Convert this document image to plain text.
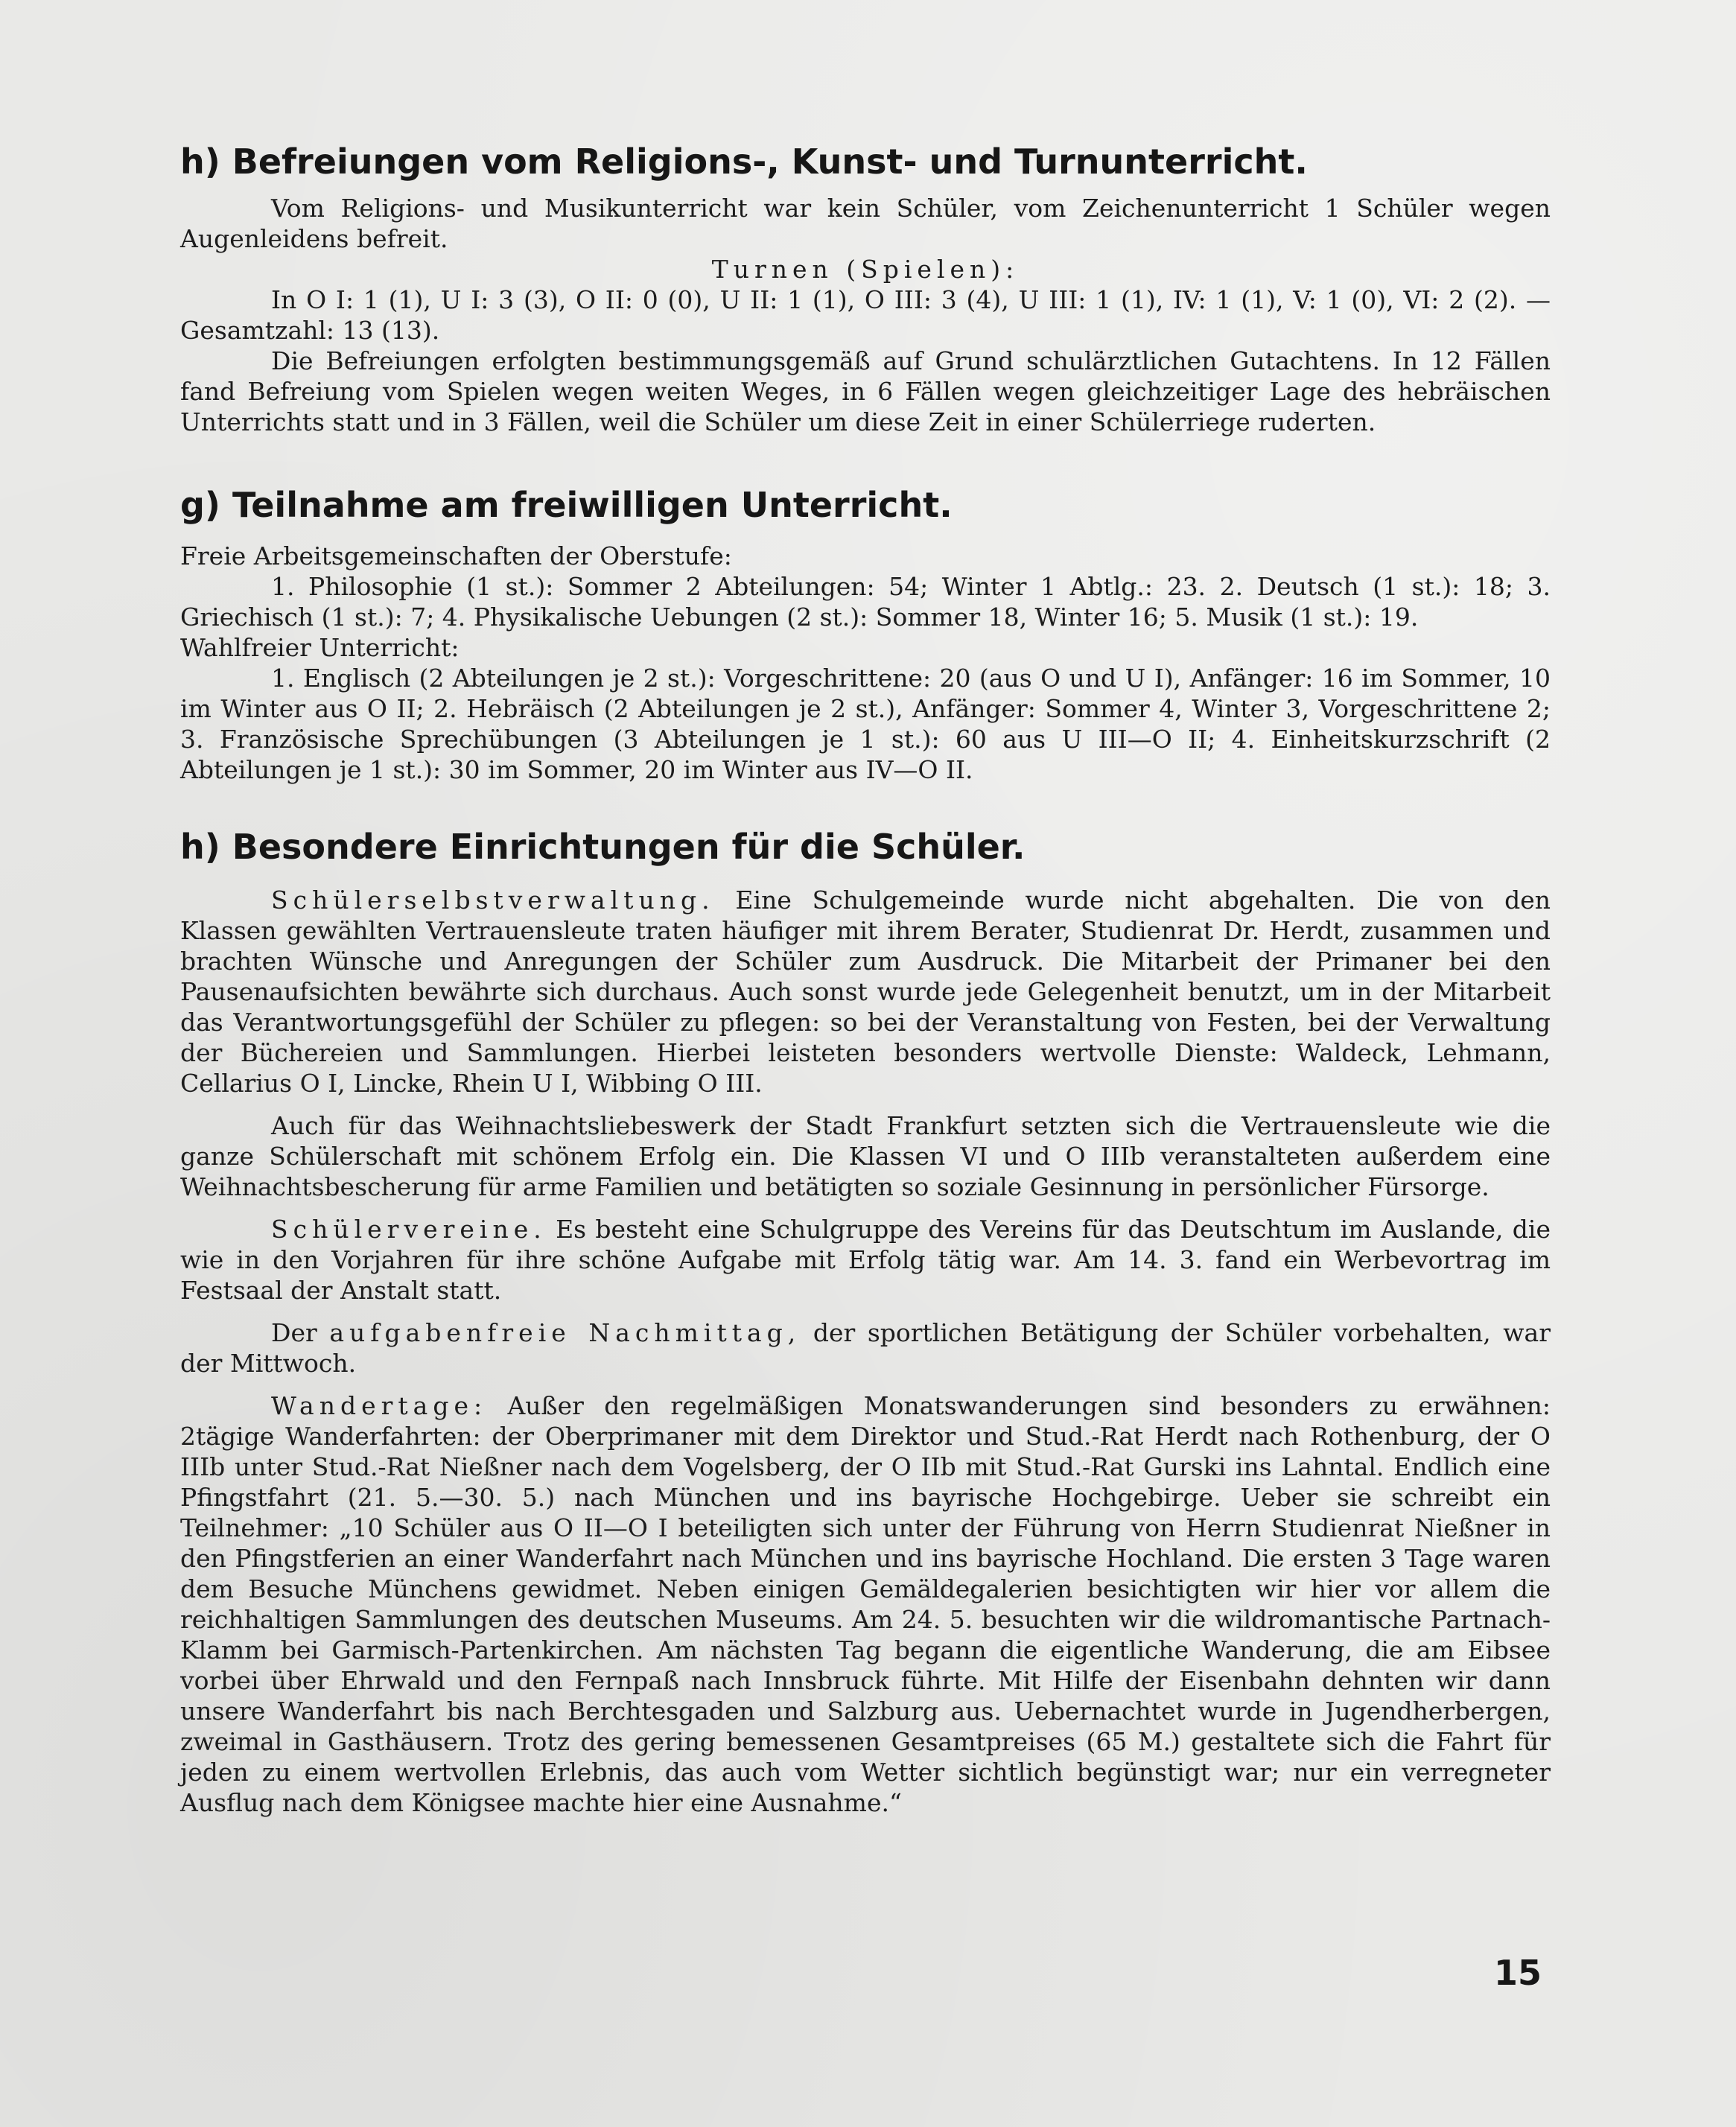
h) Befreiungen vom Religions-, Kunst- und Turnunterricht.

Vom Religions- und Musikunterricht war kein Schüler, vom Zeichenunterricht 1 Schüler wegen Augenleidens befreit.

Turnen (Spielen):

In O I: 1 (1), U I: 3 (3), O II: 0 (0), U II: 1 (1), O III: 3 (4), U III: 1 (1), IV: 1 (1), V: 1 (0), VI: 2 (2). — Gesamtzahl: 13 (13).

Die Befreiungen erfolgten bestimmungsgemäß auf Grund schulärztlichen Gutachtens. In 12 Fällen fand Befreiung vom Spielen wegen weiten Weges, in 6 Fällen wegen gleichzeitiger Lage des hebräischen Unterrichts statt und in 3 Fällen, weil die Schüler um diese Zeit in einer Schülerriege ruderten.

g) Teilnahme am freiwilligen Unterricht.

Freie Arbeitsgemeinschaften der Oberstufe:

1. Philosophie (1 st.): Sommer 2 Abteilungen: 54; Winter 1 Abtlg.: 23. 2. Deutsch (1 st.): 18; 3. Griechisch (1 st.): 7; 4. Physikalische Uebungen (2 st.): Sommer 18, Winter 16; 5. Musik (1 st.): 19.

Wahlfreier Unterricht:

1. Englisch (2 Abteilungen je 2 st.): Vorgeschrittene: 20 (aus O und U I), Anfänger: 16 im Sommer, 10 im Winter aus O II; 2. Hebräisch (2 Abteilungen je 2 st.), Anfänger: Sommer 4, Winter 3, Vorgeschrittene 2; 3. Französische Sprechübungen (3 Abteilungen je 1 st.): 60 aus U III—O II; 4. Einheitskurzschrift (2 Abteilungen je 1 st.): 30 im Sommer, 20 im Winter aus IV—O II.

h) Besondere Einrichtungen für die Schüler.

Schülerselbstverwaltung. Eine Schulgemeinde wurde nicht abgehalten. Die von den Klassen gewählten Vertrauensleute traten häufiger mit ihrem Berater, Studienrat Dr. Herdt, zusammen und brachten Wünsche und Anregungen der Schüler zum Ausdruck. Die Mitarbeit der Primaner bei den Pausenaufsichten bewährte sich durchaus. Auch sonst wurde jede Gelegenheit benutzt, um in der Mitarbeit das Verantwortungsgefühl der Schüler zu pflegen: so bei der Veranstaltung von Festen, bei der Verwaltung der Büchereien und Sammlungen. Hierbei leisteten besonders wertvolle Dienste: Waldeck, Lehmann, Cellarius O I, Lincke, Rhein U I, Wibbing O III.

Auch für das Weihnachtsliebeswerk der Stadt Frankfurt setzten sich die Vertrauensleute wie die ganze Schülerschaft mit schönem Erfolg ein. Die Klassen VI und O IIIb veranstalteten außerdem eine Weihnachtsbescherung für arme Familien und betätigten so soziale Gesinnung in persönlicher Fürsorge.

Schülervereine. Es besteht eine Schulgruppe des Vereins für das Deutschtum im Auslande, die wie in den Vorjahren für ihre schöne Aufgabe mit Erfolg tätig war. Am 14. 3. fand ein Werbevortrag im Festsaal der Anstalt statt.

Der aufgabenfreie Nachmittag, der sportlichen Betätigung der Schüler vorbehalten, war der Mittwoch.

Wandertage: Außer den regelmäßigen Monatswanderungen sind besonders zu erwähnen: 2tägige Wanderfahrten: der Oberprimaner mit dem Direktor und Stud.-Rat Herdt nach Rothenburg, der O IIIb unter Stud.-Rat Nießner nach dem Vogelsberg, der O IIb mit Stud.-Rat Gurski ins Lahntal. Endlich eine Pfingstfahrt (21. 5.—30. 5.) nach München und ins bayrische Hochgebirge. Ueber sie schreibt ein Teilnehmer: „10 Schüler aus O II—O I beteiligten sich unter der Führung von Herrn Studienrat Nießner in den Pfingstferien an einer Wanderfahrt nach München und ins bayrische Hochland. Die ersten 3 Tage waren dem Besuche Münchens gewidmet. Neben einigen Gemäldegalerien besichtigten wir hier vor allem die reichhaltigen Sammlungen des deutschen Museums. Am 24. 5. besuchten wir die wildromantische Partnach-Klamm bei Garmisch-Partenkirchen. Am nächsten Tag begann die eigentliche Wanderung, die am Eibsee vorbei über Ehrwald und den Fernpaß nach Innsbruck führte. Mit Hilfe der Eisenbahn dehnten wir dann unsere Wanderfahrt bis nach Berchtesgaden und Salzburg aus. Uebernachtet wurde in Jugendherbergen, zweimal in Gasthäusern. Trotz des gering bemessenen Gesamtpreises (65 M.) gestaltete sich die Fahrt für jeden zu einem wertvollen Erlebnis, das auch vom Wetter sichtlich begünstigt war; nur ein verregneter Ausflug nach dem Königsee machte hier eine Ausnahme.“

15
